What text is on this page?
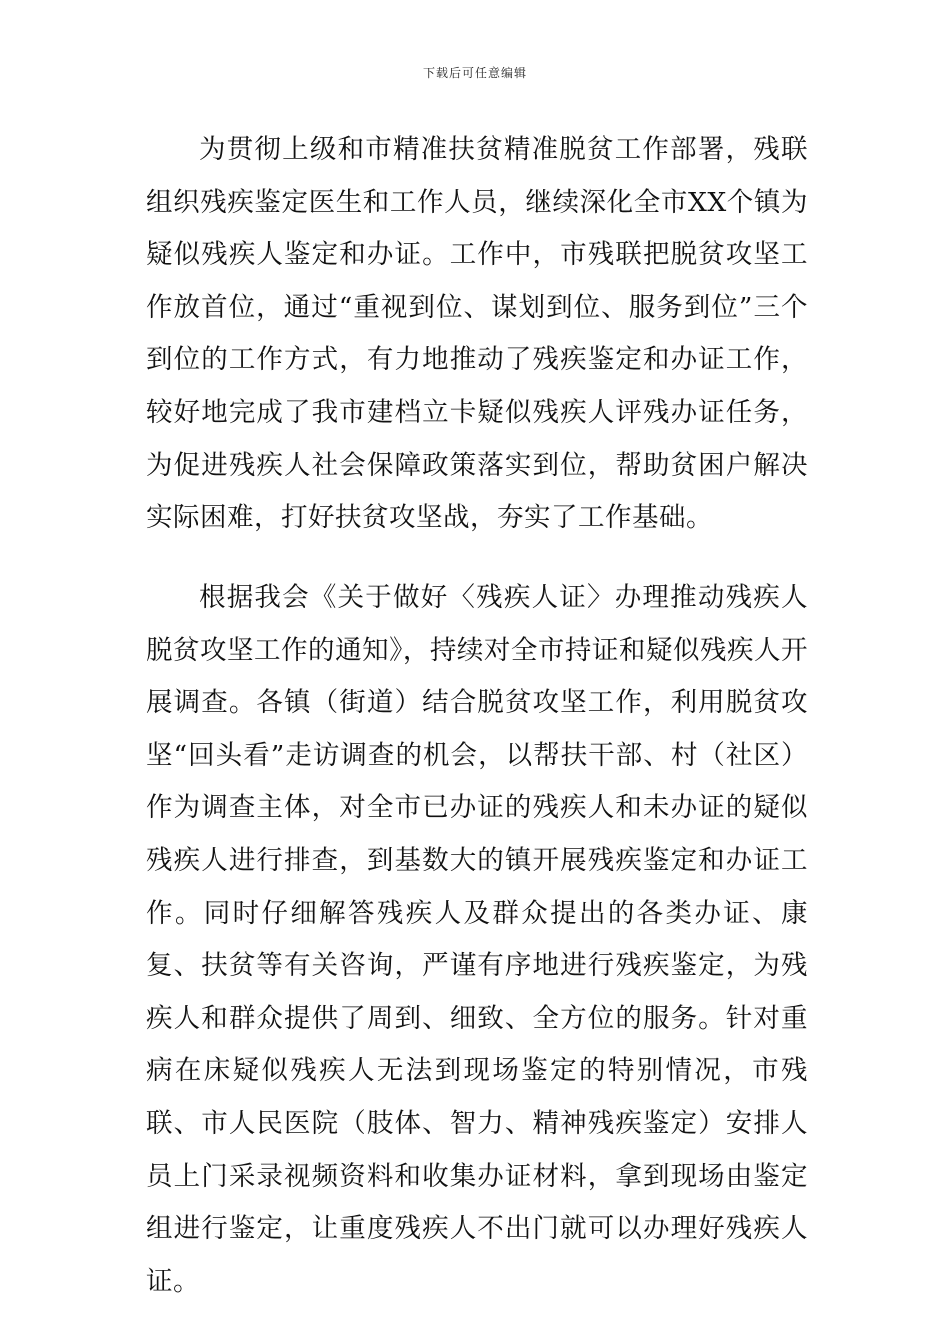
下载后可任意编辑

为贯彻上级和市精准扶贫精准脱贫工作部署，残联组织残疾鉴定医生和工作人员，继续深化全市XX个镇为疑似残疾人鉴定和办证。工作中，市残联把脱贫攻坚工作放首位，通过“重视到位、谋划到位、服务到位”三个到位的工作方式，有力地推动了残疾鉴定和办证工作，较好地完成了我市建档立卡疑似残疾人评残办证任务，为促进残疾人社会保障政策落实到位，帮助贫困户解决实际困难，打好扶贫攻坚战，夯实了工作基础。

根据我会《关于做好〈残疾人证〉办理推动残疾人脱贫攻坚工作的通知》，持续对全市持证和疑似残疾人开展调查。各镇（街道）结合脱贫攻坚工作，利用脱贫攻坚“回头看”走访调查的机会，以帮扶干部、村（社区）作为调查主体，对全市已办证的残疾人和未办证的疑似残疾人进行排查，到基数大的镇开展残疾鉴定和办证工作。同时仔细解答残疾人及群众提出的各类办证、康复、扶贫等有关咨询，严谨有序地进行残疾鉴定，为残疾人和群众提供了周到、细致、全方位的服务。针对重病在床疑似残疾人无法到现场鉴定的特别情况，市残联、市人民医院（肢体、智力、精神残疾鉴定）安排人员上门采录视频资料和收集办证材料，拿到现场由鉴定组进行鉴定，让重度残疾人不出门就可以办理好残疾人证。
